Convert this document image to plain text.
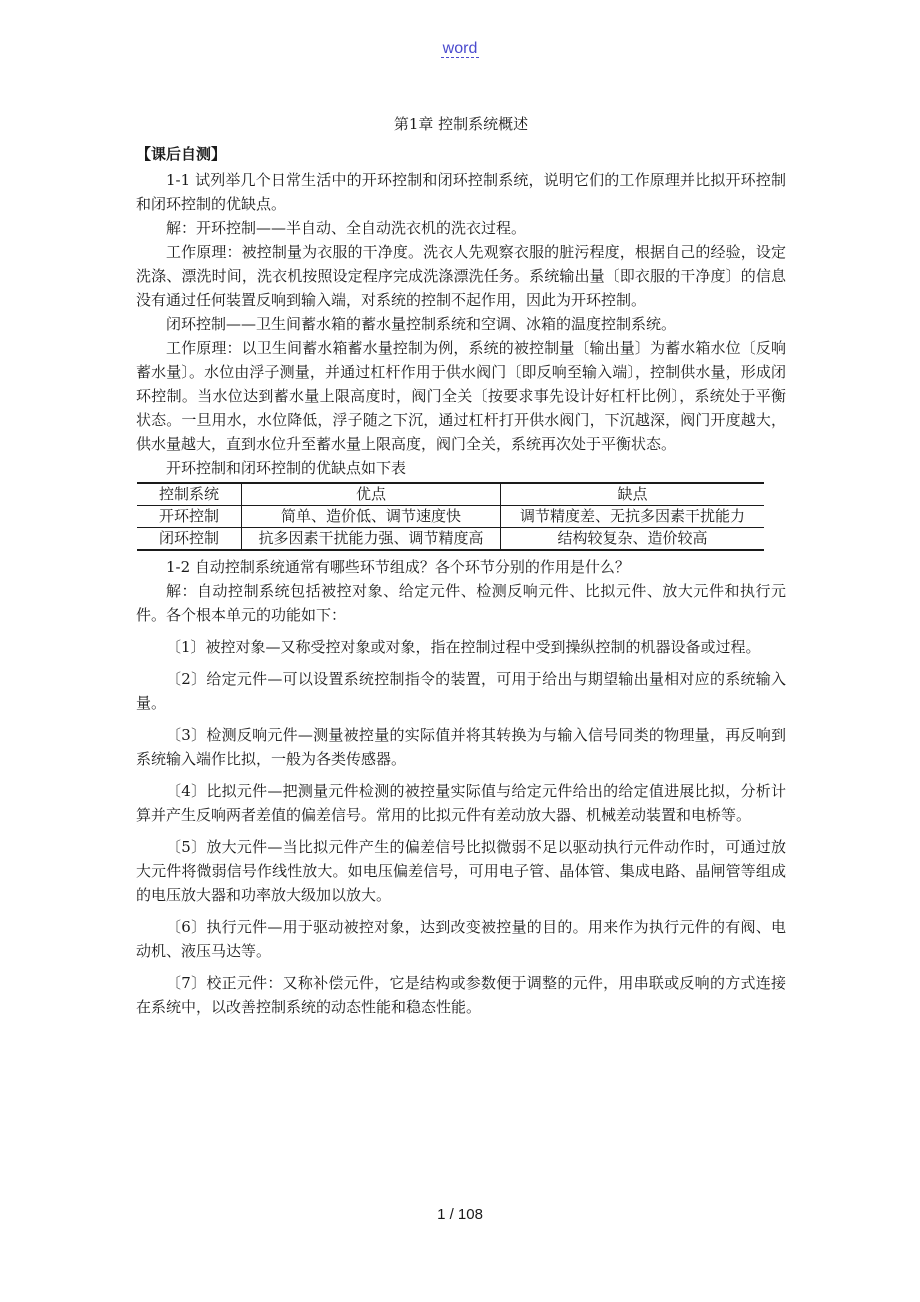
word
第1章 控制系统概述
【课后自测】

1-1 试列举几个日常生活中的开环控制和闭环控制系统，说明它们的工作原理并比拟开环控制和闭环控制的优缺点。

解：开环控制——半自动、全自动洗衣机的洗衣过程。

工作原理：被控制量为衣服的干净度。洗衣人先观察衣服的脏污程度，根据自己的经验，设定洗涤、漂洗时间，洗衣机按照设定程序完成洗涤漂洗任务。系统输出量〔即衣服的干净度〕的信息没有通过任何装置反响到输入端，对系统的控制不起作用，因此为开环控制。

闭环控制——卫生间蓄水箱的蓄水量控制系统和空调、冰箱的温度控制系统。

工作原理：以卫生间蓄水箱蓄水量控制为例，系统的被控制量〔输出量〕为蓄水箱水位〔反响蓄水量〕。水位由浮子测量，并通过杠杆作用于供水阀门〔即反响至输入端〕，控制供水量，形成闭环控制。当水位达到蓄水量上限高度时，阀门全关〔按要求事先设计好杠杆比例〕，系统处于平衡状态。一旦用水，水位降低，浮子随之下沉，通过杠杆打开供水阀门，下沉越深，阀门开度越大，供水量越大，直到水位升至蓄水量上限高度，阀门全关，系统再次处于平衡状态。

开环控制和闭环控制的优缺点如下表

控制系统	优点	缺点
开环控制	简单、造价低、调节速度快	调节精度差、无抗多因素干扰能力
闭环控制	抗多因素干扰能力强、调节精度高	结构较复杂、造价较高

1-2 自动控制系统通常有哪些环节组成？各个环节分别的作用是什么？

解：自动控制系统包括被控对象、给定元件、检测反响元件、比拟元件、放大元件和执行元件。各个根本单元的功能如下：

〔1〕被控对象—又称受控对象或对象，指在控制过程中受到操纵控制的机器设备或过程。

〔2〕给定元件—可以设置系统控制指令的装置，可用于给出与期望输出量相对应的系统输入量。

〔3〕检测反响元件—测量被控量的实际值并将其转换为与输入信号同类的物理量，再反响到系统输入端作比拟，一般为各类传感器。

〔4〕比拟元件—把测量元件检测的被控量实际值与给定元件给出的给定值进展比拟，分析计算并产生反响两者差值的偏差信号。常用的比拟元件有差动放大器、机械差动装置和电桥等。

〔5〕放大元件—当比拟元件产生的偏差信号比拟微弱不足以驱动执行元件动作时，可通过放大元件将微弱信号作线性放大。如电压偏差信号，可用电子管、晶体管、集成电路、晶闸管等组成的电压放大器和功率放大级加以放大。

〔6〕执行元件—用于驱动被控对象，达到改变被控量的目的。用来作为执行元件的有阀、电动机、液压马达等。

〔7〕校正元件：又称补偿元件，它是结构或参数便于调整的元件，用串联或反响的方式连接在系统中，以改善控制系统的动态性能和稳态性能。

1 / 108
